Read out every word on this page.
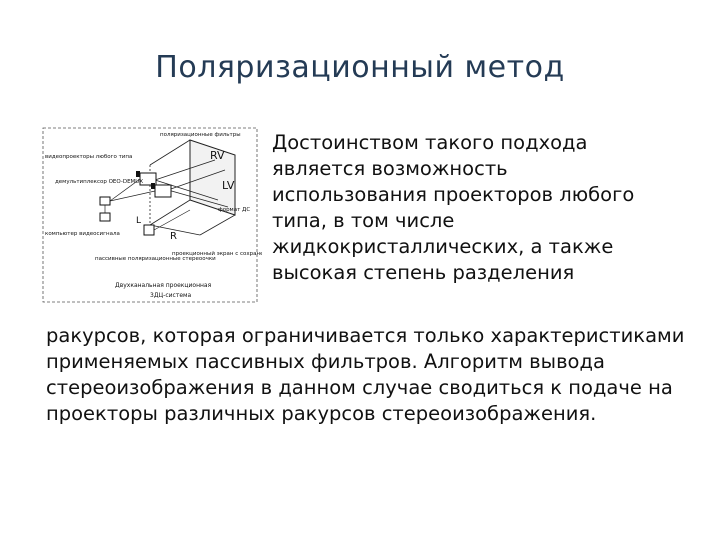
Поляризационный метод
поляризационные фильтры
видеопроекторы любого типа
демультиплексор OEO-DEMUX
компьютер видеосигнала
пассивные поляризационные стереоочки
проекционный экран с сохран
формат ДС
Двухканальная проекционная
3ДЦ-система
RV
LV
R
L
Достоинством такого подхода
является возможность
использования проекторов любого
типа, в том числе
жидкокристаллических, а также
высокая степень разделения
ракурсов, которая ограничивается только характеристиками
применяемых пассивных фильтров. Алгоритм вывода
стереоизображения в данном случае сводиться к подаче на
проекторы различных ракурсов стереоизображения.
